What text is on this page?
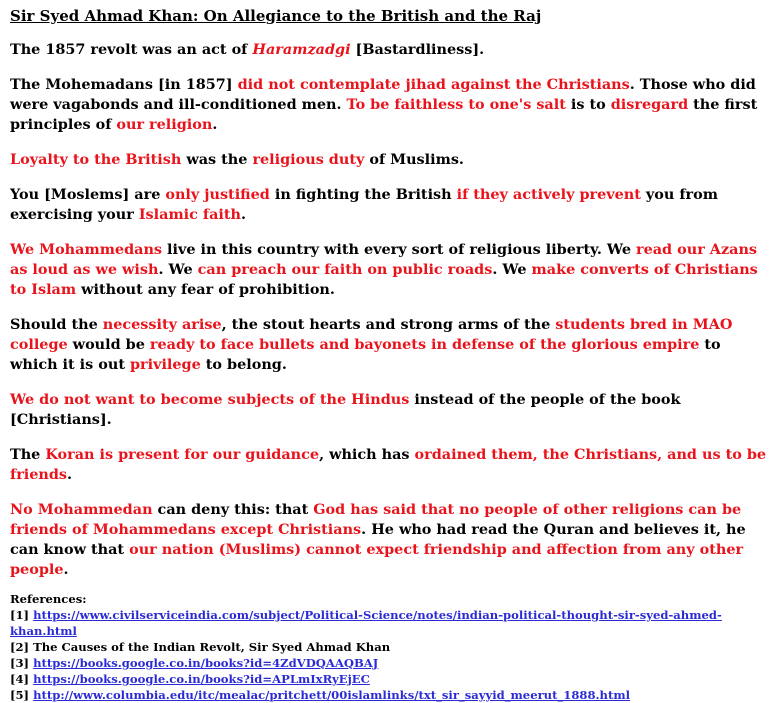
Sir Syed Ahmad Khan: On Allegiance to the British and the Raj

The 1857 revolt was an act of Haramzadgi [Bastardliness].

The Mohemadans [in 1857] did not contemplate jihad against the Christians. Those who did were vagabonds and ill-conditioned men. To be faithless to one's salt is to disregard the first principles of our religion.

Loyalty to the British was the religious duty of Muslims.

You [Moslems] are only justified in fighting the British if they actively prevent you from exercising your Islamic faith.

We Mohammedans live in this country with every sort of religious liberty. We read our Azans as loud as we wish. We can preach our faith on public roads. We make converts of Christians to Islam without any fear of prohibition.

Should the necessity arise, the stout hearts and strong arms of the students bred in MAO college would be ready to face bullets and bayonets in defense of the glorious empire to which it is out privilege to belong.

We do not want to become subjects of the Hindus instead of the people of the book [Christians].

The Koran is present for our guidance, which has ordained them, the Christians, and us to be friends.

No Mohammedan can deny this: that God has said that no people of other religions can be friends of Mohammedans except Christians. He who had read the Quran and believes it, he can know that our nation (Muslims) cannot expect friendship and affection from any other people.

References:
[1] https://www.civilserviceindia.com/subject/Political-Science/notes/indian-political-thought-sir-syed-ahmed-
khan.html
[2] The Causes of the Indian Revolt, Sir Syed Ahmad Khan
[3] https://books.google.co.in/books?id=4ZdVDQAAQBAJ
[4] https://books.google.co.in/books?id=APLmIxRyEjEC
[5] http://www.columbia.edu/itc/mealac/pritchett/00islamlinks/txt_sir_sayyid_meerut_1888.html
